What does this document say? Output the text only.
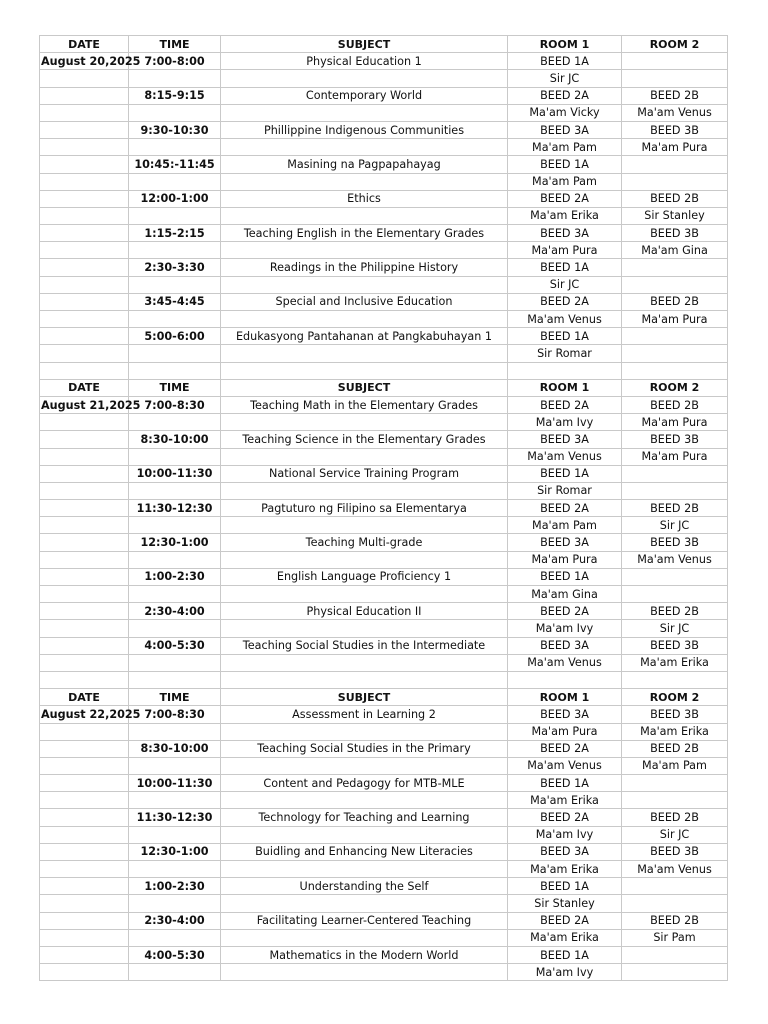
DATE	TIME	SUBJECT	ROOM 1	ROOM 2
August 20,2025	7:00-8:00	Physical Education 1	BEED 1A	
			Sir JC	
	8:15-9:15	Contemporary World	BEED 2A	BEED 2B
			Ma'am Vicky	Ma'am Venus
	9:30-10:30	Phillippine Indigenous Communities	BEED 3A	BEED 3B
			Ma'am Pam	Ma'am Pura
	10:45:-11:45	Masining na Pagpapahayag	BEED 1A	
			Ma'am Pam	
	12:00-1:00	Ethics	BEED 2A	BEED 2B
			Ma'am Erika	Sir Stanley
	1:15-2:15	Teaching English in the Elementary Grades	BEED 3A	BEED 3B
			Ma'am Pura	Ma'am Gina
	2:30-3:30	Readings in the Philippine History	BEED 1A	
			Sir JC	
	3:45-4:45	Special and Inclusive Education	BEED 2A	BEED 2B
			Ma'am Venus	Ma'am Pura
	5:00-6:00	Edukasyong Pantahanan at Pangkabuhayan 1	BEED 1A	
			Sir Romar	

DATE	TIME	SUBJECT	ROOM 1	ROOM 2
August 21,2025	7:00-8:30	Teaching Math in the Elementary Grades	BEED 2A	BEED 2B
			Ma'am Ivy	Ma'am Pura
	8:30-10:00	Teaching Science in the Elementary Grades	BEED 3A	BEED 3B
			Ma'am Venus	Ma'am Pura
	10:00-11:30	National Service Training Program	BEED 1A	
			Sir Romar	
	11:30-12:30	Pagtuturo ng Filipino sa Elementarya	BEED 2A	BEED 2B
			Ma'am Pam	Sir JC
	12:30-1:00	Teaching Multi-grade	BEED 3A	BEED 3B
			Ma'am Pura	Ma'am Venus
	1:00-2:30	English Language Proficiency 1	BEED 1A	
			Ma'am Gina	
	2:30-4:00	Physical Education II	BEED 2A	BEED 2B
			Ma'am Ivy	Sir JC
	4:00-5:30	Teaching Social Studies in the Intermediate	BEED 3A	BEED 3B
			Ma'am Venus	Ma'am Erika

DATE	TIME	SUBJECT	ROOM 1	ROOM 2
August 22,2025	7:00-8:30	Assessment in Learning 2	BEED 3A	BEED 3B
			Ma'am Pura	Ma'am Erika
	8:30-10:00	Teaching Social Studies in the Primary	BEED 2A	BEED 2B
			Ma'am Venus	Ma'am Pam
	10:00-11:30	Content and Pedagogy for MTB-MLE	BEED 1A	
			Ma'am Erika	
	11:30-12:30	Technology for Teaching and Learning	BEED 2A	BEED 2B
			Ma'am Ivy	Sir JC
	12:30-1:00	Buidling and Enhancing New Literacies	BEED 3A	BEED 3B
			Ma'am Erika	Ma'am Venus
	1:00-2:30	Understanding the Self	BEED 1A	
			Sir Stanley	
	2:30-4:00	Facilitating Learner-Centered Teaching	BEED 2A	BEED 2B
			Ma'am Erika	Sir Pam
	4:00-5:30	Mathematics in the Modern World	BEED 1A	
			Ma'am Ivy	
